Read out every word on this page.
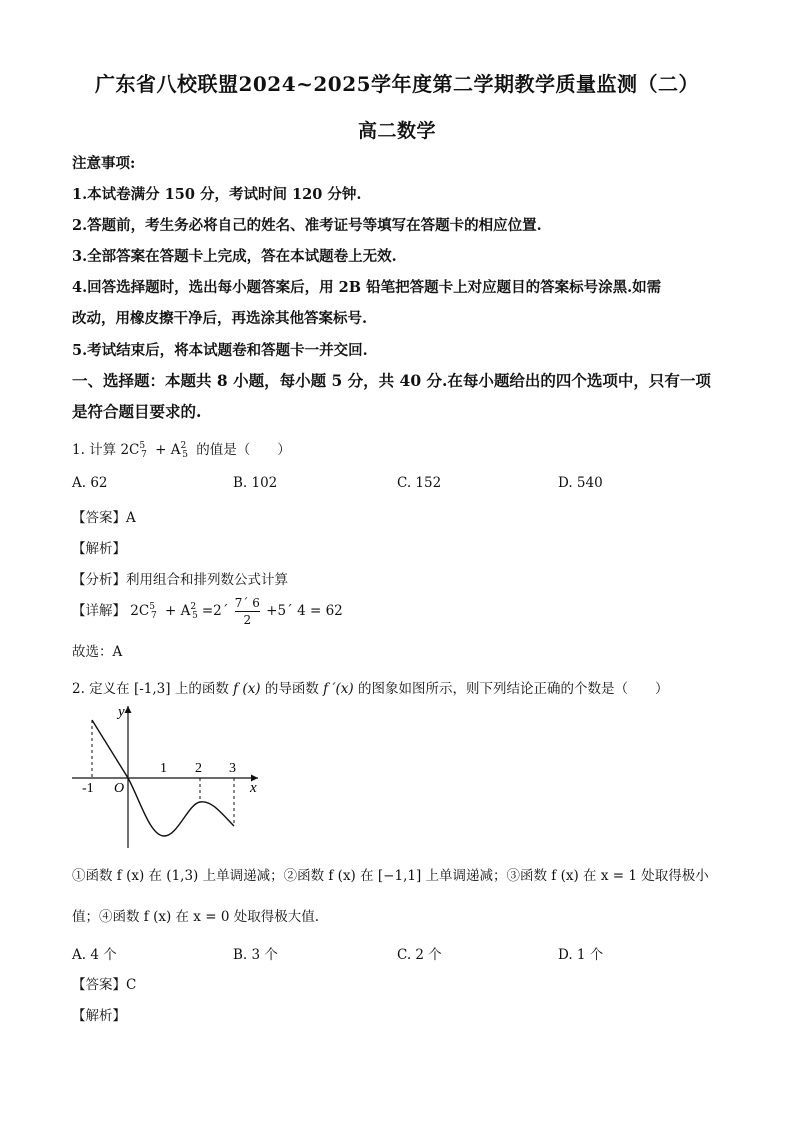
广东省八校联盟2024~2025学年度第二学期教学质量监测（二）
高二数学
注意事项:
1.本试卷满分 150 分，考试时间 120 分钟.
2.答题前，考生务必将自己的姓名、准考证号等填写在答题卡的相应位置.
3.全部答案在答题卡上完成，答在本试题卷上无效.
4.回答选择题时，选出每小题答案后，用 2B 铅笔把答题卡上对应题目的答案标号涂黑.如需
改动，用橡皮擦干净后，再选涂其他答案标号.
5.考试结束后，将本试题卷和答题卡一并交回.
一、选择题：本题共 8 小题，每小题 5 分，共 40 分.在每小题给出的四个选项中，只有一项
是符合题目要求的.
1. 计算 $2C^5_7 + A^2_5$ 的值是（　　）
A. 62	B. 102	C. 152	D. 540
【答案】A
【解析】
【分析】利用组合和排列数公式计算
【详解】 $2C^5_7 + A^2_5$ =2´ $\frac{7´ 6}{2}$ +5´ 4 = 62
故选：A
2. 定义在 [-1,3] 上的函数 f (x) 的导函数 f ′(x) 的图象如图所示，则下列结论正确的个数是（　　）
y
x
O
-1
1 2 3
①函数 f (x) 在 (1,3) 上单调递减；②函数 f (x) 在 [−1,1] 上单调递减；③函数 f (x) 在 x = 1 处取得极小
值；④函数 f (x) 在 x = 0 处取得极大值.
A. 4 个	B. 3 个	C. 2 个	D. 1 个
【答案】C
【解析】
